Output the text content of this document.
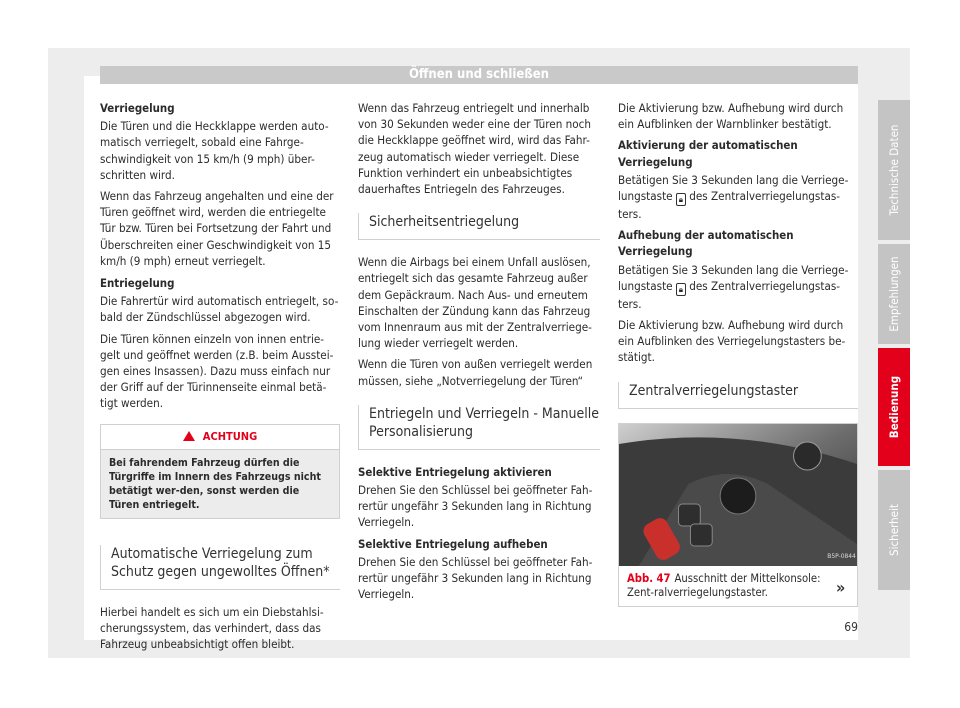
Öffnen und schließen
Verriegelung
Die Türen und die Heckklappe werden auto-matisch verriegelt, sobald eine Fahrge-schwindigkeit von 15 km/h (9 mph) über-schritten wird.
Wenn das Fahrzeug angehalten und eine der Türen geöffnet wird, werden die entriegelte Tür bzw. Türen bei Fortsetzung der Fahrt und Überschreiten einer Geschwindigkeit von 15 km/h (9 mph) erneut verriegelt.
Entriegelung
Die Fahrertür wird automatisch entriegelt, so-bald der Zündschlüssel abgezogen wird.
Die Türen können einzeln von innen entrie-gelt und geöffnet werden (z.B. beim Ausstei-gen eines Insassen). Dazu muss einfach nur der Griff auf der Türinnenseite einmal betä-tigt werden.
ACHTUNG
Bei fahrendem Fahrzeug dürfen die Türgriffe im Innern des Fahrzeugs nicht betätigt wer-den, sonst werden die Türen entriegelt.
Automatische Verriegelung zum Schutz gegen ungewolltes Öffnen*
Hierbei handelt es sich um ein Diebstahlsi-cherungssystem, das verhindert, dass das Fahrzeug unbeabsichtigt offen bleibt.
Wenn das Fahrzeug entriegelt und innerhalb von 30 Sekunden weder eine der Türen noch die Heckklappe geöffnet wird, wird das Fahr-zeug automatisch wieder verriegelt. Diese Funktion verhindert ein unbeabsichtigtes dauerhaftes Entriegeln des Fahrzeuges.
Sicherheitsentriegelung
Wenn die Airbags bei einem Unfall auslösen, entriegelt sich das gesamte Fahrzeug außer dem Gepäckraum. Nach Aus- und erneutem Einschalten der Zündung kann das Fahrzeug vom Innenraum aus mit der Zentralverriege-lung wieder verriegelt werden.
Wenn die Türen von außen verriegelt werden müssen, siehe „Notverriegelung der Türen“
Entriegeln und Verriegeln - Manuelle Personalisierung
Selektive Entriegelung aktivieren
Drehen Sie den Schlüssel bei geöffneter Fah-rertür ungefähr 3 Sekunden lang in Richtung Verriegeln.
Selektive Entriegelung aufheben
Drehen Sie den Schlüssel bei geöffneter Fah-rertür ungefähr 3 Sekunden lang in Richtung Verriegeln.
Die Aktivierung bzw. Aufhebung wird durch ein Aufblinken der Warnblinker bestätigt.
Aktivierung der automatischen Verriegelung
Betätigen Sie 3 Sekunden lang die Verriege-lungstaste 🔒︎ des Zentralverriegelungstas-ters.
Aufhebung der automatischen Verriegelung
Betätigen Sie 3 Sekunden lang die Verriege-lungstaste 🔒︎ des Zentralverriegelungstas-ters.
Die Aktivierung bzw. Aufhebung wird durch ein Aufblinken des Verriegelungstasters be-stätigt.
Zentralverriegelungstaster
B5P-0844
Abb. 47 Ausschnitt der Mittelkonsole: Zent-ralverriegelungstaster.	»
69
Technische Daten
Empfehlungen
Bedienung
Sicherheit
